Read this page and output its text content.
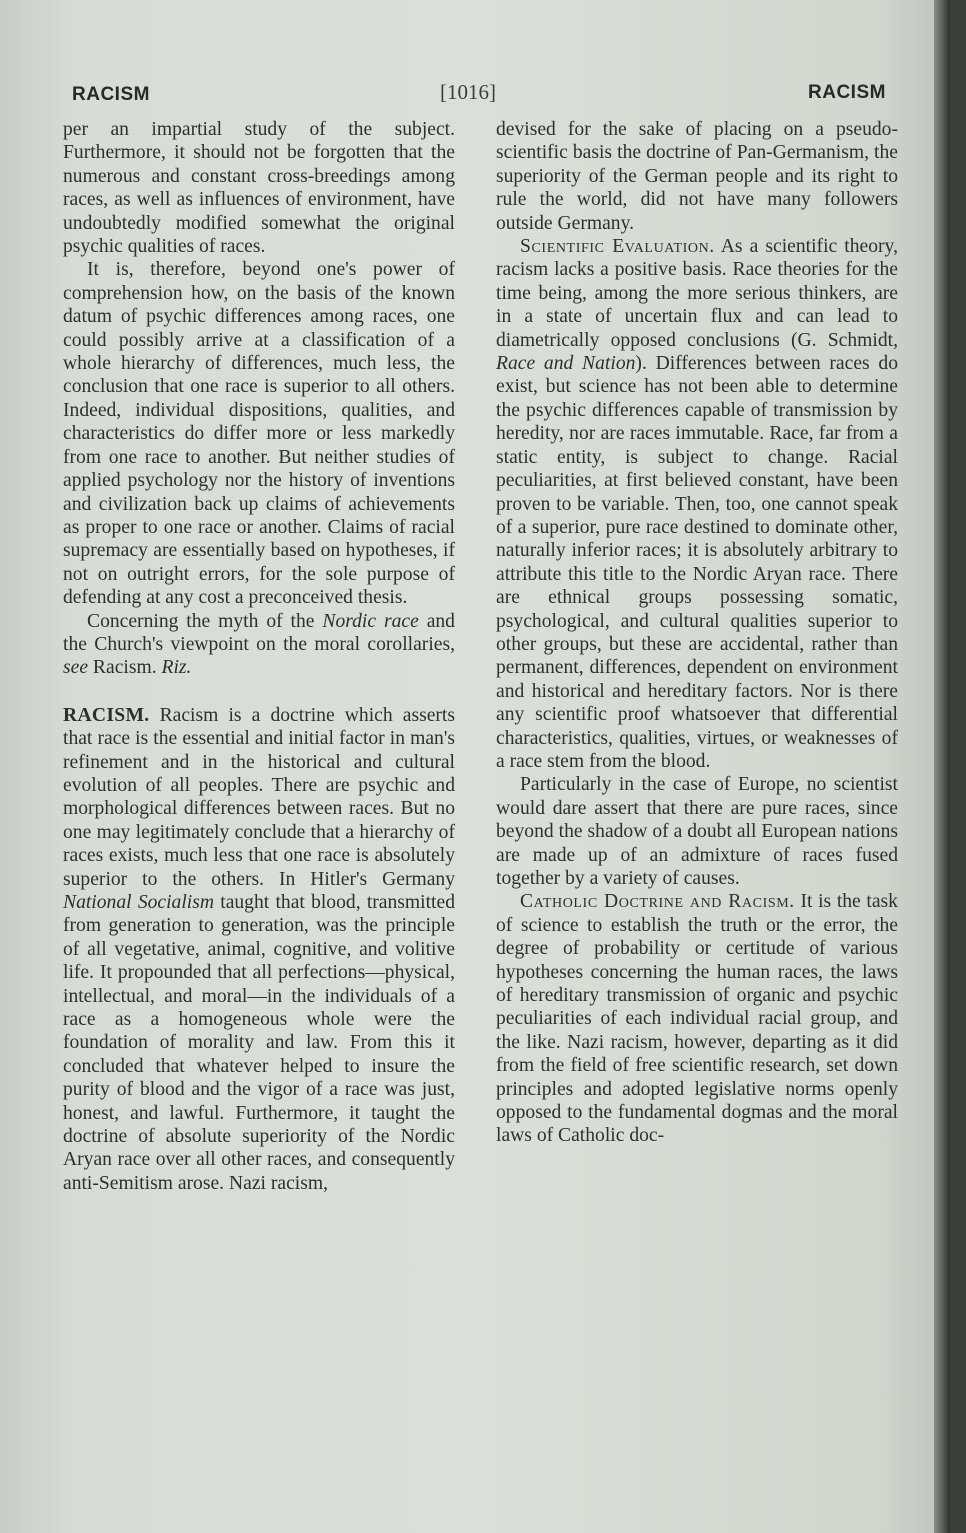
RACISM	[1016]	RACISM

per an impartial study of the subject. Furthermore, it should not be forgotten that the numerous and constant cross-breedings among races, as well as influences of environment, have undoubtedly modified somewhat the original psychic qualities of races.

It is, therefore, beyond one's power of comprehension how, on the basis of the known datum of psychic differences among races, one could possibly arrive at a classification of a whole hierarchy of differences, much less, the conclusion that one race is superior to all others. Indeed, individual dispositions, qualities, and characteristics do differ more or less markedly from one race to another. But neither studies of applied psychology nor the history of inventions and civilization back up claims of achievements as proper to one race or another. Claims of racial supremacy are essentially based on hypotheses, if not on outright errors, for the sole purpose of defending at any cost a preconceived thesis.

Concerning the myth of the Nordic race and the Church's viewpoint on the moral corollaries, see Racism. Riz.

RACISM. Racism is a doctrine which asserts that race is the essential and initial factor in man's refinement and in the historical and cultural evolution of all peoples. There are psychic and morphological differences between races. But no one may legitimately conclude that a hierarchy of races exists, much less that one race is absolutely superior to the others. In Hitler's Germany National Socialism taught that blood, transmitted from generation to generation, was the principle of all vegetative, animal, cognitive, and volitive life. It propounded that all perfections—physical, intellectual, and moral—in the individuals of a race as a homogeneous whole were the foundation of morality and law. From this it concluded that whatever helped to insure the purity of blood and the vigor of a race was just, honest, and lawful. Furthermore, it taught the doctrine of absolute superiority of the Nordic Aryan race over all other races, and consequently anti-Semitism arose. Nazi racism,

devised for the sake of placing on a pseudo-scientific basis the doctrine of Pan-Germanism, the superiority of the German people and its right to rule the world, did not have many followers outside Germany.

Scientific Evaluation. As a scientific theory, racism lacks a positive basis. Race theories for the time being, among the more serious thinkers, are in a state of uncertain flux and can lead to diametrically opposed conclusions (G. Schmidt, Race and Nation). Differences between races do exist, but science has not been able to determine the psychic differences capable of transmission by heredity, nor are races immutable. Race, far from a static entity, is subject to change. Racial peculiarities, at first believed constant, have been proven to be variable. Then, too, one cannot speak of a superior, pure race destined to dominate other, naturally inferior races; it is absolutely arbitrary to attribute this title to the Nordic Aryan race. There are ethnical groups possessing somatic, psychological, and cultural qualities superior to other groups, but these are accidental, rather than permanent, differences, dependent on environment and historical and hereditary factors. Nor is there any scientific proof whatsoever that differential characteristics, qualities, virtues, or weaknesses of a race stem from the blood.

Particularly in the case of Europe, no scientist would dare assert that there are pure races, since beyond the shadow of a doubt all European nations are made up of an admixture of races fused together by a variety of causes.

Catholic Doctrine and Racism. It is the task of science to establish the truth or the error, the degree of probability or certitude of various hypotheses concerning the human races, the laws of hereditary transmission of organic and psychic peculiarities of each individual racial group, and the like. Nazi racism, however, departing as it did from the field of free scientific research, set down principles and adopted legislative norms openly opposed to the fundamental dogmas and the moral laws of Catholic doc-
